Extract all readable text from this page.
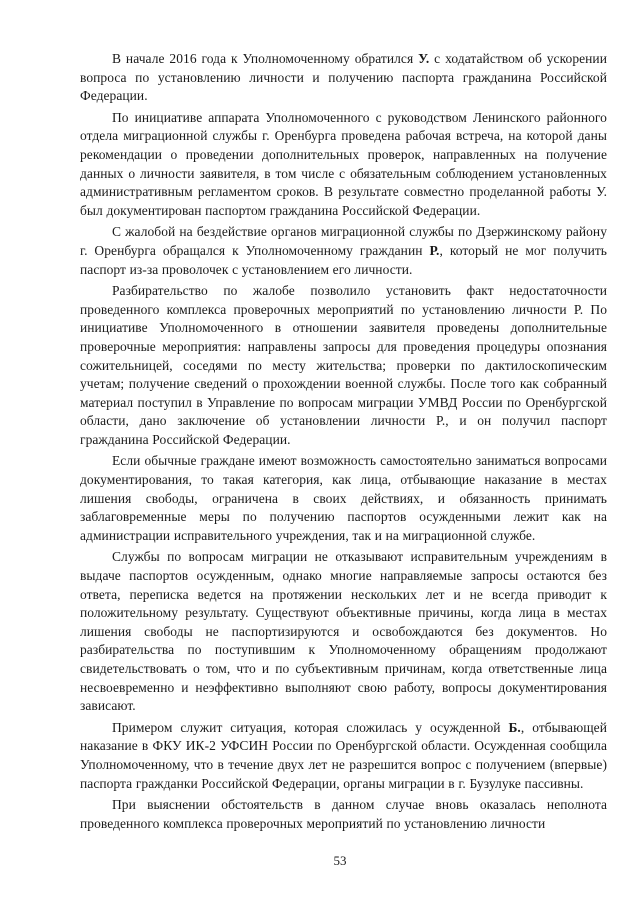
В начале 2016 года к Уполномоченному обратился У. с ходатайством об ускорении вопроса по установлению личности и получению паспорта гражданина Российской Федерации.

По инициативе аппарата Уполномоченного с руководством Ленинского районного отдела миграционной службы г. Оренбурга проведена рабочая встреча, на которой даны рекомендации о проведении дополнительных проверок, направленных на получение данных о личности заявителя, в том числе с обязательным соблюдением установленных административным регламентом сроков. В результате совместно проделанной работы У. был документирован паспортом гражданина Российской Федерации.

С жалобой на бездействие органов миграционной службы по Дзержинскому району г. Оренбурга обращался к Уполномоченному гражданин Р., который не мог получить паспорт из-за проволочек с установлением его личности.

Разбирательство по жалобе позволило установить факт недостаточности проведенного комплекса проверочных мероприятий по установлению личности Р. По инициативе Уполномоченного в отношении заявителя проведены дополнительные проверочные мероприятия: направлены запросы для проведения процедуры опознания сожительницей, соседями по месту жительства; проверки по дактилоскопическим учетам; получение сведений о прохождении военной службы. После того как собранный материал поступил в Управление по вопросам миграции УМВД России по Оренбургской области, дано заключение об установлении личности Р., и он получил паспорт гражданина Российской Федерации.

Если обычные граждане имеют возможность самостоятельно заниматься вопросами документирования, то такая категория, как лица, отбывающие наказание в местах лишения свободы, ограничена в своих действиях, и обязанность принимать заблаговременные меры по получению паспортов осужденными лежит как на администрации исправительного учреждения, так и на миграционной службе.

Службы по вопросам миграции не отказывают исправительным учреждениям в выдаче паспортов осужденным, однако многие направляемые запросы остаются без ответа, переписка ведется на протяжении нескольких лет и не всегда приводит к положительному результату. Существуют объективные причины, когда лица в местах лишения свободы не паспортизируются и освобождаются без документов. Но разбирательства по поступившим к Уполномоченному обращениям продолжают свидетельствовать о том, что и по субъективным причинам, когда ответственные лица несвоевременно и неэффективно выполняют свою работу, вопросы документирования зависают.

Примером служит ситуация, которая сложилась у осужденной Б., отбывающей наказание в ФКУ ИК-2 УФСИН России по Оренбургской области. Осужденная сообщила Уполномоченному, что в течение двух лет не разрешится вопрос с получением (впервые) паспорта гражданки Российской Федерации, органы миграции в г. Бузулуке пассивны.

При выяснении обстоятельств в данном случае вновь оказалась неполнота проведенного комплекса проверочных мероприятий по установлению личности

53
